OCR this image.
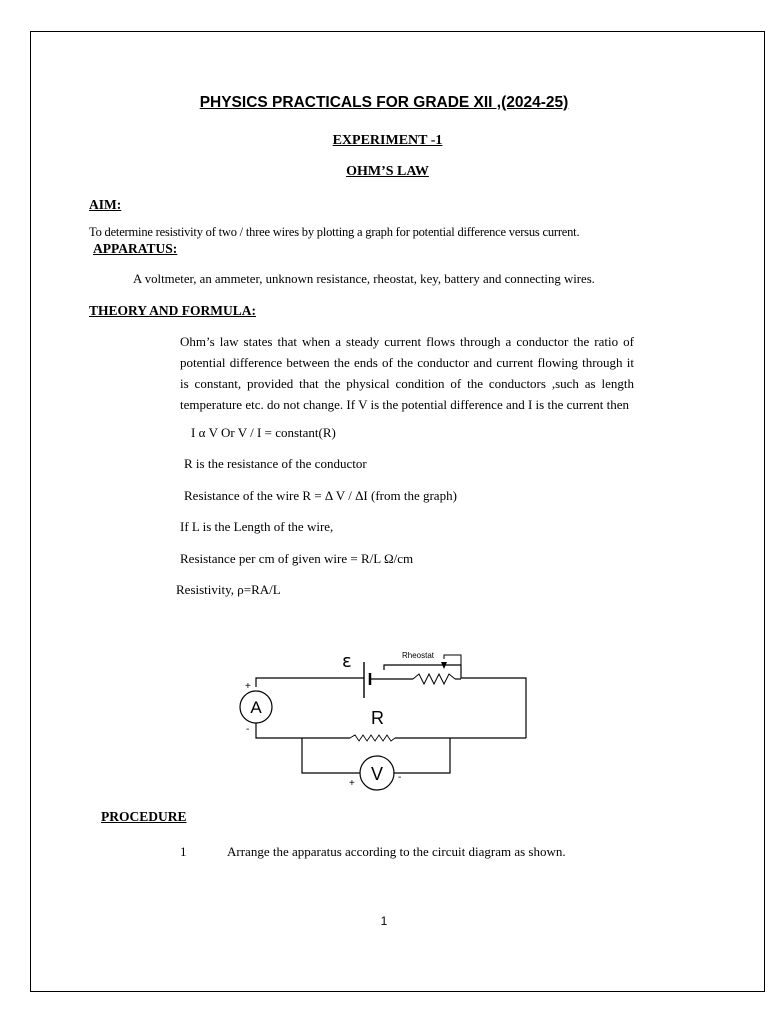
PHYSICS PRACTICALS FOR GRADE XII ,(2024-25)
EXPERIMENT -1
OHM’S LAW
AIM:
To determine resistivity of two / three wires by plotting a graph for potential difference versus current.
APPARATUS:
A voltmeter, an ammeter, unknown resistance, rheostat, key, battery and connecting wires.
THEORY AND FORMULA:
Ohm’s law states that when a steady current flows through a conductor the ratio of potential difference between the ends of the conductor and current flowing through it is constant, provided that the physical condition of the conductors ,such as length temperature etc. do not change. If V is the potential difference and I is the current then
I α V Or V / I = constant(R)
R is the resistance of the conductor
Resistance of the wire R = Δ V / ΔI (from the graph)
If L is the Length of the wire,
Resistance per cm of given wire = R/L Ω/cm
Resistivity, ρ=RA/L
ε	Rheostat
A
R
V
+
-
+
-
PROCEDURE
1	Arrange the apparatus according to the circuit diagram as shown.
1
